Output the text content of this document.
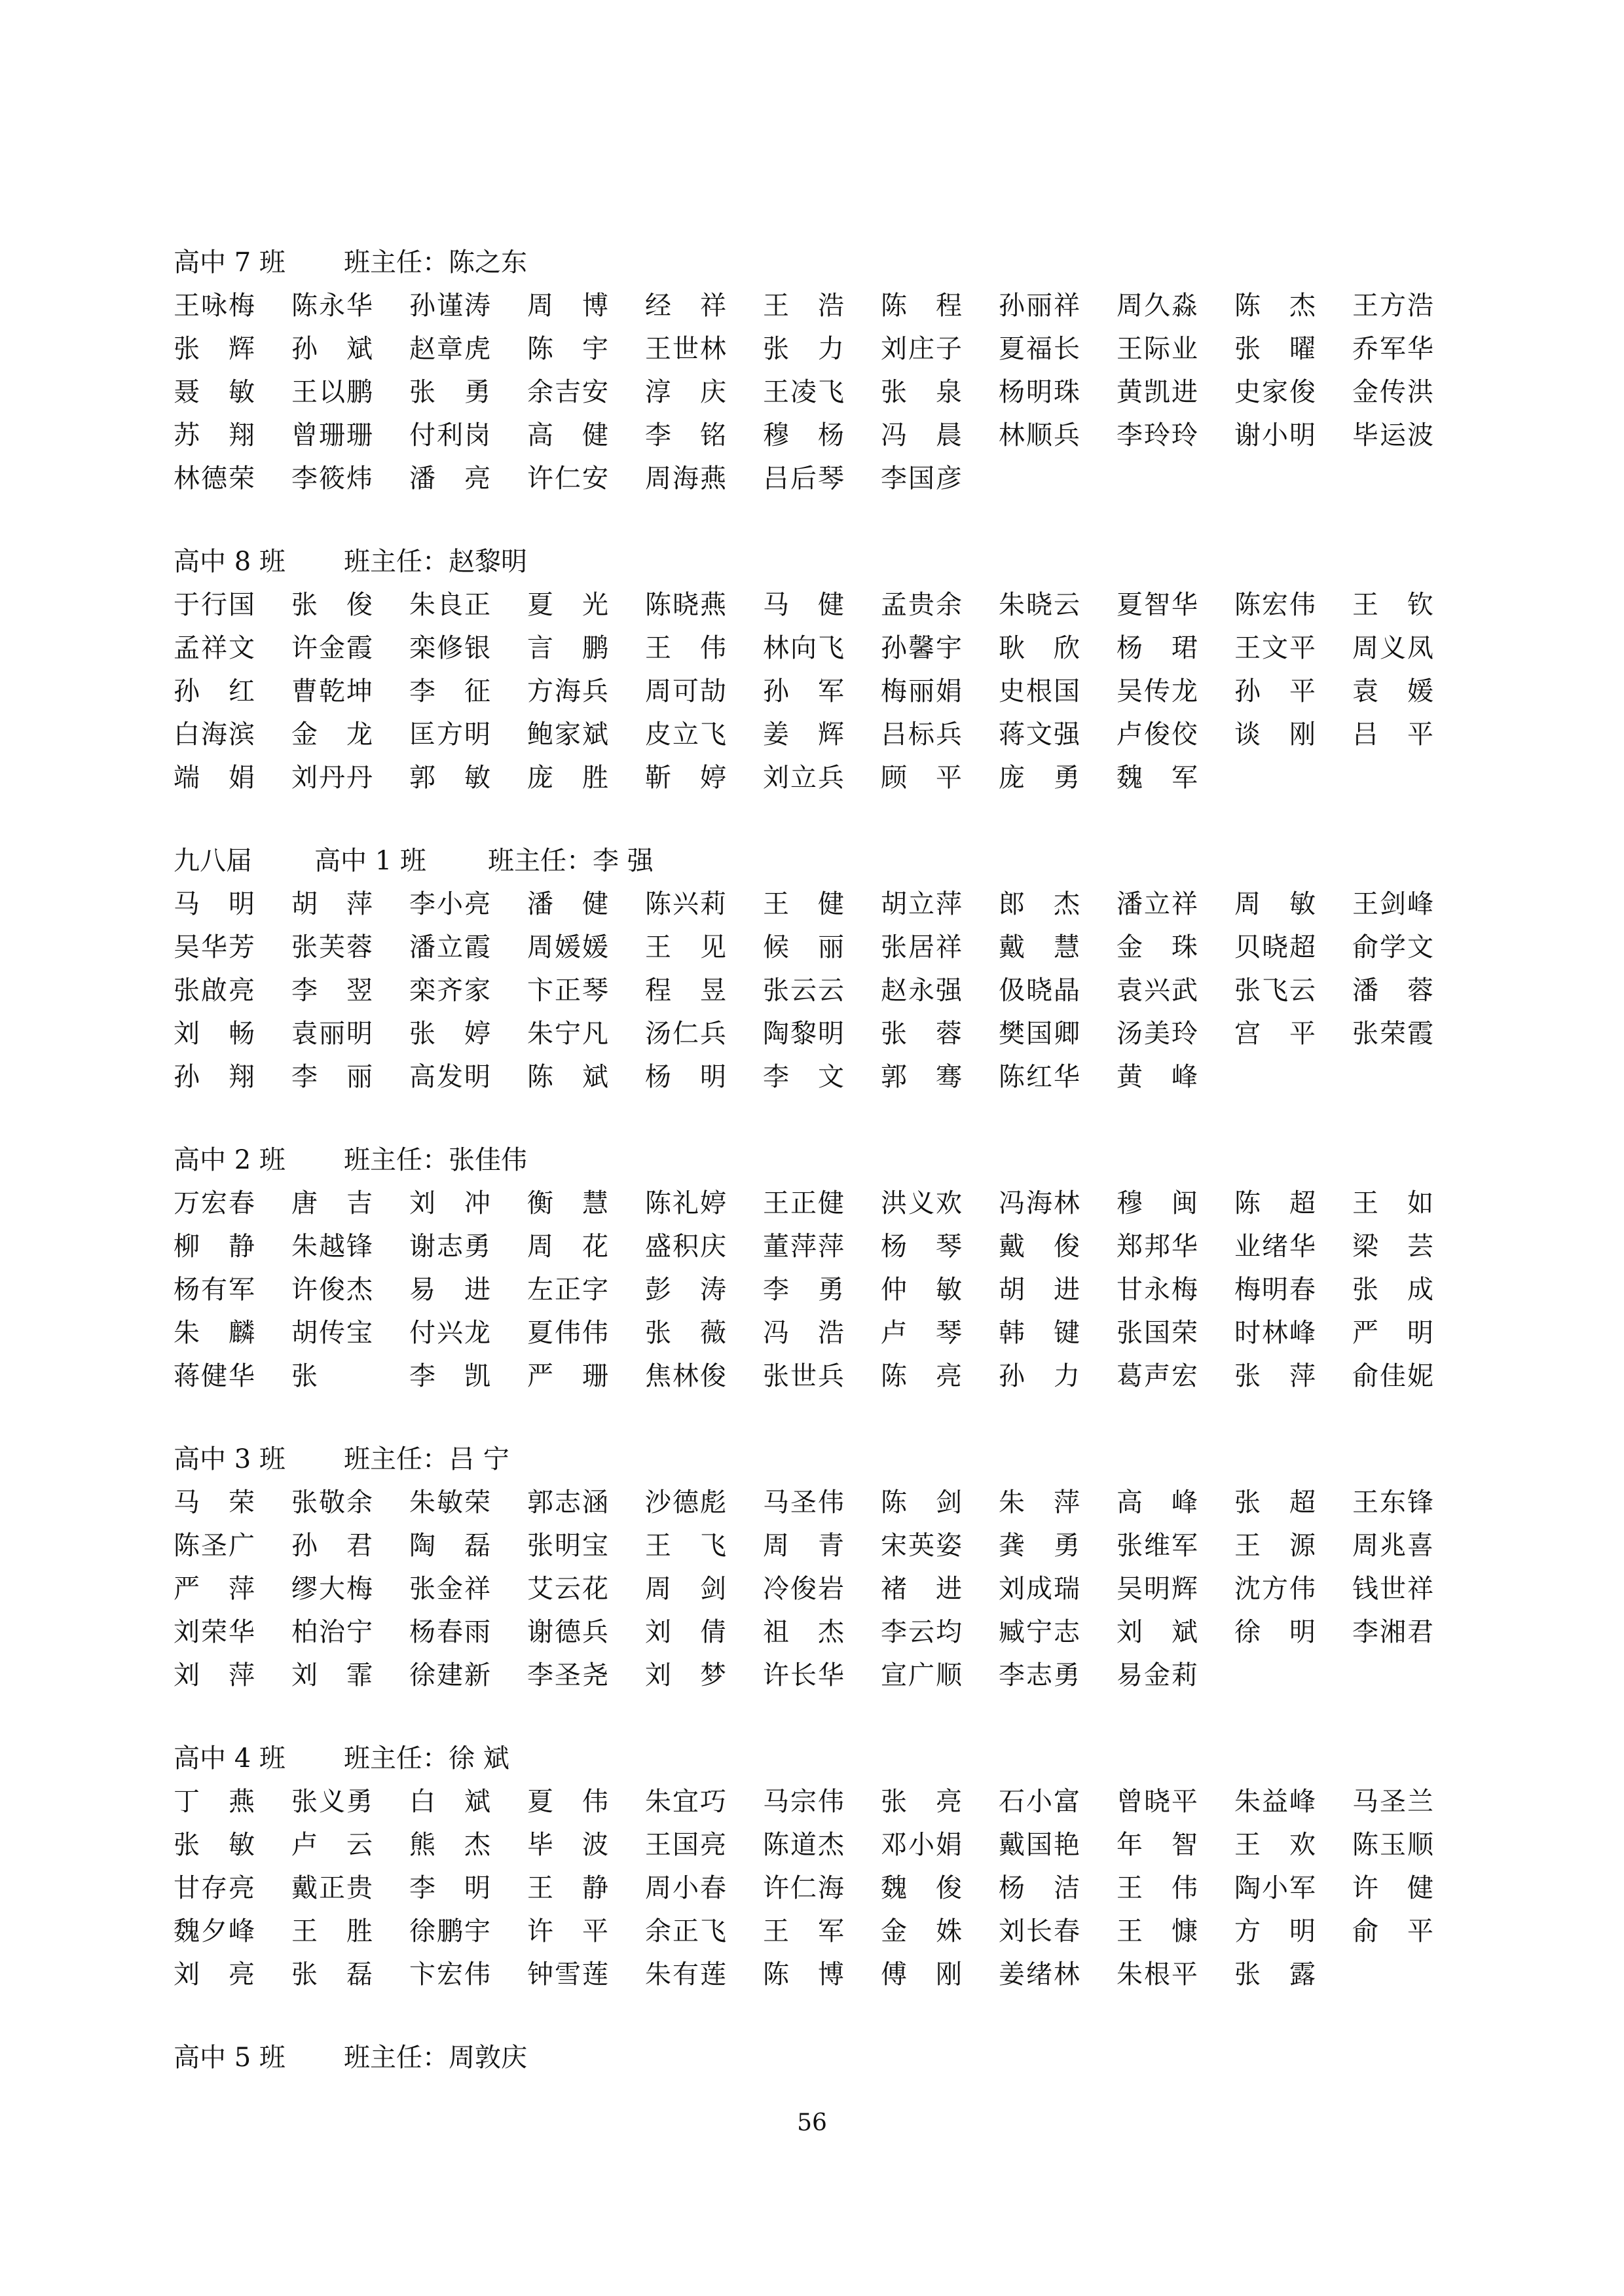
高中 7 班 班主任：陈之东
王咏梅 陈永华 孙谨涛 周 博 经 祥 王 浩 陈 程 孙丽祥 周久淼 陈 杰 王方浩
张 辉 孙 斌 赵章虎 陈 宇 王世林 张 力 刘庄子 夏福长 王际业 张 曜 乔军华
聂 敏 王以鹏 张 勇 余吉安 淳 庆 王凌飞 张 泉 杨明珠 黄凯进 史家俊 金传洪
苏 翔 曾珊珊 付利岗 高 健 李 铭 穆 杨 冯 晨 林顺兵 李玲玲 谢小明 毕运波
林德荣 李筱炜 潘 亮 许仁安 周海燕 吕后琴 李国彦
高中 8 班 班主任：赵黎明
于行国 张 俊 朱良正 夏 光 陈晓燕 马 健 孟贵余 朱晓云 夏智华 陈宏伟 王 钦
孟祥文 许金霞 栾修银 言 鹏 王 伟 林向飞 孙馨宇 耿 欣 杨 珺 王文平 周义凤
孙 红 曹乾坤 李 征 方海兵 周可劼 孙 军 梅丽娟 史根国 吴传龙 孙 平 袁 媛
白海滨 金 龙 匡方明 鲍家斌 皮立飞 姜 辉 吕标兵 蒋文强 卢俊佼 谈 刚 吕 平
端 娟 刘丹丹 郭 敏 庞 胜 靳 婷 刘立兵 顾 平 庞 勇 魏 军
九八届 高中 1 班 班主任：李 强
马 明 胡 萍 李小亮 潘 健 陈兴莉 王 健 胡立萍 郎 杰 潘立祥 周 敏 王剑峰
吴华芳 张芙蓉 潘立霞 周媛媛 王 见 候 丽 张居祥 戴 慧 金 珠 贝晓超 俞学文
张啟亮 李 翌 栾齐家 卞正琴 程 昱 张云云 赵永强 伋晓晶 袁兴武 张飞云 潘 蓉
刘 畅 袁丽明 张 婷 朱宁凡 汤仁兵 陶黎明 张 蓉 樊国卿 汤美玲 宫 平 张荣霞
孙 翔 李 丽 高发明 陈 斌 杨 明 李 文 郭 骞 陈红华 黄 峰
高中 2 班 班主任：张佳伟
万宏春 唐 吉 刘 冲 衡 慧 陈礼婷 王正健 洪义欢 冯海林 穆 闽 陈 超 王 如
柳 静 朱越锋 谢志勇 周 花 盛积庆 董萍萍 杨 琴 戴 俊 郑邦华 业绪华 梁 芸
杨有军 许俊杰 易 进 左正字 彭 涛 李 勇 仲 敏 胡 进 甘永梅 梅明春 张 成
朱 麟 胡传宝 付兴龙 夏伟伟 张 薇 冯 浩 卢 琴 韩 键 张国荣 时林峰 严 明
蒋健华 张	李 凯 严 珊 焦林俊 张世兵 陈 亮 孙 力 葛声宏 张 萍 俞佳妮
高中 3 班 班主任：吕 宁
马 荣 张敬余 朱敏荣 郭志涵 沙德彪 马圣伟 陈 剑 朱 萍 高 峰 张 超 王东锋
陈圣广 孙 君 陶 磊 张明宝 王 飞 周 青 宋英姿 龚 勇 张维军 王 源 周兆喜
严 萍 缪大梅 张金祥 艾云花 周 剑 冷俊岩 褚 进 刘成瑞 吴明辉 沈方伟 钱世祥
刘荣华 柏治宁 杨春雨 谢德兵 刘 倩 祖 杰 李云均 臧宁志 刘 斌 徐 明 李湘君
刘 萍 刘 霏 徐建新 李圣尧 刘 梦 许长华 宣广顺 李志勇 易金莉
高中 4 班 班主任：徐 斌
丁 燕 张义勇 白 斌 夏 伟 朱宜巧 马宗伟 张 亮 石小富 曾晓平 朱益峰 马圣兰
张 敏 卢 云 熊 杰 毕 波 王国亮 陈道杰 邓小娟 戴国艳 年 智 王 欢 陈玉顺
甘存亮 戴正贵 李 明 王 静 周小春 许仁海 魏 俊 杨 洁 王 伟 陶小军 许 健
魏夕峰 王 胜 徐鹏宇 许 平 余正飞 王 军 金 姝 刘长春 王 慷 方 明 俞 平
刘 亮 张 磊 卞宏伟 钟雪莲 朱有莲 陈 博 傅 刚 姜绪林 朱根平 张 露
高中 5 班 班主任：周敦庆
56
